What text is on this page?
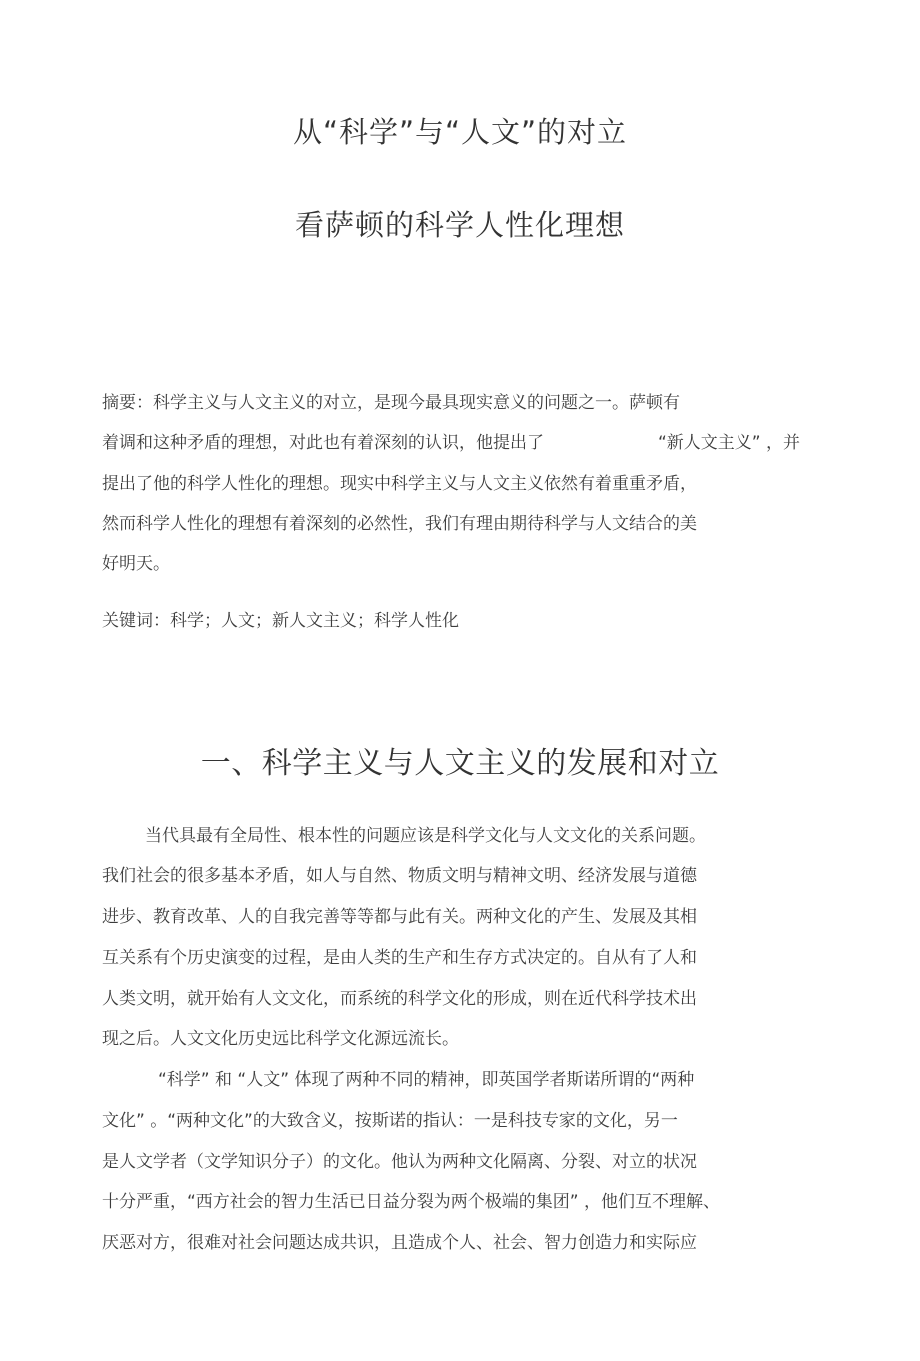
从“科学”与“人文”的对立
看萨顿的科学人性化理想
摘要：科学主义与人文主义的对立，是现今最具现实意义的问题之一。萨顿有
着调和这种矛盾的理想，对此也有着深刻的认识，他提出了	“新人文主义” ，并
提出了他的科学人性化的理想。现实中科学主义与人文主义依然有着重重矛盾，
然而科学人性化的理想有着深刻的必然性，我们有理由期待科学与人文结合的美
好明天。
关键词：科学；人文；新人文主义；科学人性化
一、科学主义与人文主义的发展和对立
当代具最有全局性、根本性的问题应该是科学文化与人文文化的关系问题。
我们社会的很多基本矛盾，如人与自然、物质文明与精神文明、经济发展与道德
进步、教育改革、人的自我完善等等都与此有关。两种文化的产生、发展及其相
互关系有个历史演变的过程，是由人类的生产和生存方式决定的。自从有了人和
人类文明，就开始有人文文化，而系统的科学文化的形成，则在近代科学技术出
现之后。人文文化历史远比科学文化源远流长。
“科学” 和 “人文” 体现了两种不同的精神，即英国学者斯诺所谓的“两种
文化” 。“两种文化”的大致含义，按斯诺的指认：一是科技专家的文化，另一
是人文学者（文学知识分子）的文化。他认为两种文化隔离、分裂、对立的状况
十分严重，“西方社会的智力生活已日益分裂为两个极端的集团” ，他们互不理解、
厌恶对方，很难对社会问题达成共识，且造成个人、社会、智力创造力和实际应
